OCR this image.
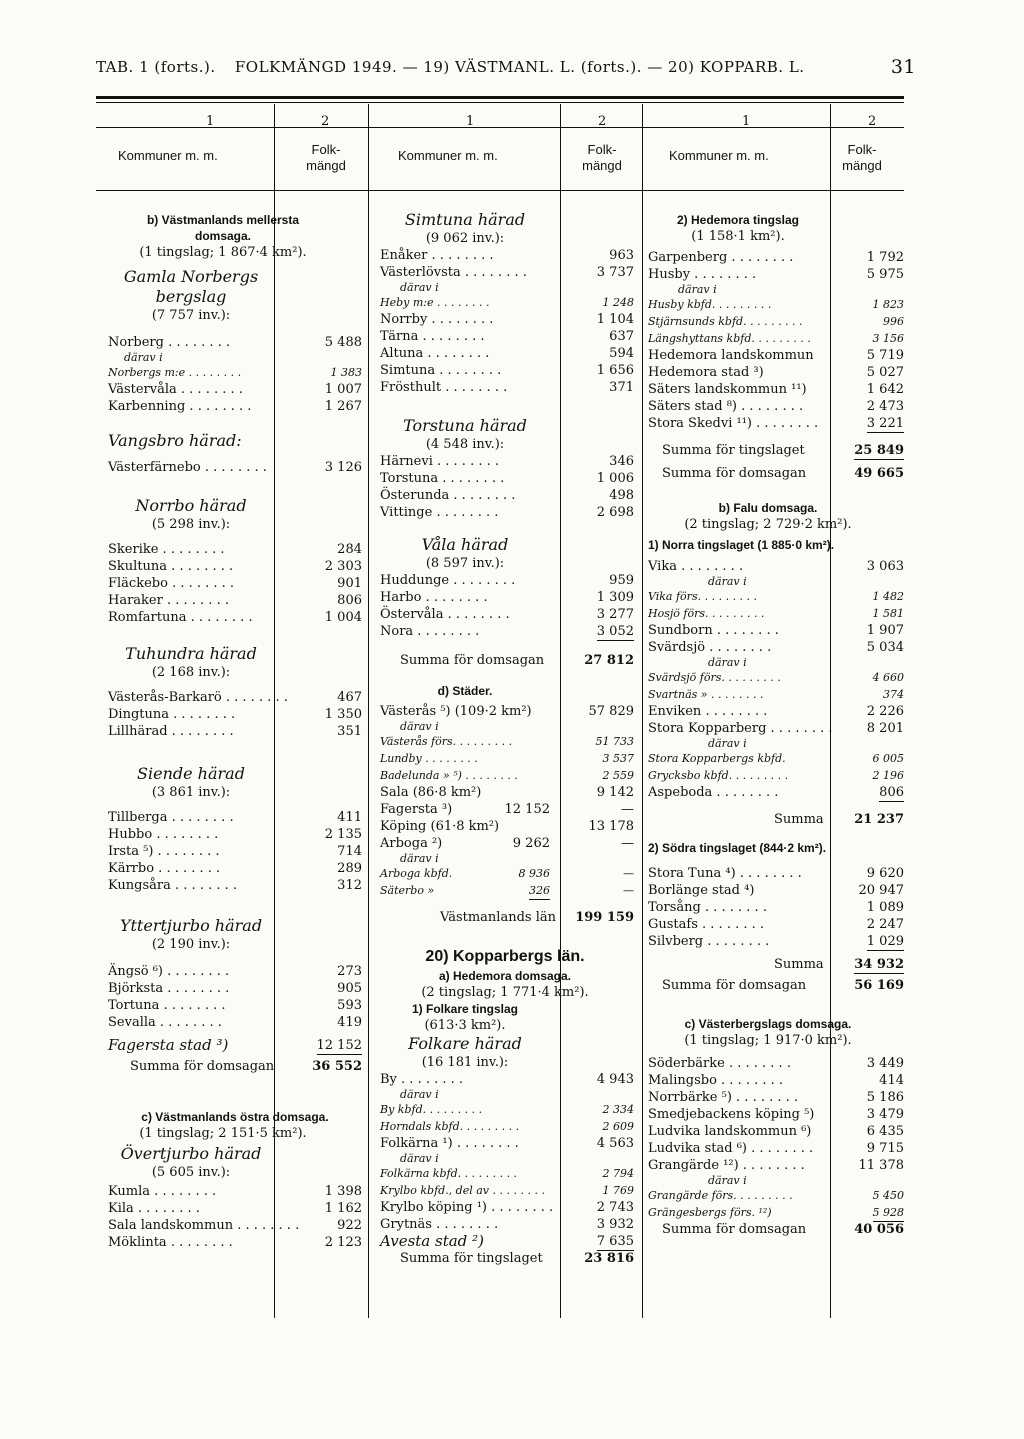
TAB. 1 (forts.). FOLKMÄNGD 1949. — 19) VÄSTMANL. L. (forts.). — 20) KOPPARB. L.	31
1	2	1	2	1	2
Kommuner m. m.	Folk-
mängd
Kommuner m. m.	Folk-
mängd
Kommuner m. m.	Folk-
mängd
b) Västmanlands mellersta
domsaga.
(1 tingslag; 1 867·4 km²).
Gamla Norbergs
bergslag
(7 757 inv.):
Norberg . . .	5 488
därav i
Norbergs m:e . . .	1 383
Västervåla . . .	1 007
Karbenning . . .	1 267
Vangsbro härad:
Västerfärnebo . . .	3 126
Norrbo härad
(5 298 inv.):
Skerike . . .	284
Skultuna . . .	2 303
Fläckebo . . .	901
Haraker . . .	806
Romfartuna . . .	1 004
Tuhundra härad
(2 168 inv.):
Västerås-Barkarö . . .	467
Dingtuna . . .	1 350
Lillhärad . . .	351
Siende härad
(3 861 inv.):
Tillberga . . .	411
Hubbo . . .	2 135
Irsta ⁵) . . .	714
Kärrbo . . .	289
Kungsåra . . .	312
Yttertjurbo härad
(2 190 inv.):
Ängsö ⁶) . . .	273
Björksta . . .	905
Tortuna . . .	593
Sevalla . . .	419
Fagersta stad ³)	12 152
Summa för domsagan	36 552
c) Västmanlands östra domsaga.
(1 tingslag; 2 151·5 km²).
Övertjurbo härad
(5 605 inv.):
Kumla . . .	1 398
Kila . . .	1 162
Sala landskommun . . .	922
Möklinta . . .	2 123
Simtuna härad
(9 062 inv.):
Enåker . . .	963
Västerlövsta . . .	3 737
därav i
Heby m:e . . .	1 248
Norrby . . .	1 104
Tärna . . .	637
Altuna . . .	594
Simtuna . . .	1 656
Frösthult . . .	371
Torstuna härad
(4 548 inv.):
Härnevi . . .	346
Torstuna . . .	1 006
Österunda . . .	498
Vittinge . . .	2 698
Våla härad
(8 597 inv.):
Huddunge . . .	959
Harbo . . .	1 309
Östervåla . . .	3 277
Nora . . .	3 052
Summa för domsagan	27 812
d) Städer.
Västerås ⁵) (109·2 km²)	57 829
därav i
Västerås förs. . . .	51 733
Lundby . . .	3 537
Badelunda » ⁵) . . .	2 559
Sala (86·8 km²)	9 142
Fagersta ³)	12 152	—
Köping (61·8 km²)	13 178
Arboga ²)	9 262	—
därav i
Arboga kbfd.	8 936	—
Säterbo »	326	—
Västmanlands län 199 159
20) Kopparbergs län.
a) Hedemora domsaga.
(2 tingslag; 1 771·4 km²).
1) Folkare tingslag
(613·3 km²).
Folkare härad
(16 181 inv.):
By . . .	4 943
därav i
By kbfd. . . .	2 334
Horndals kbfd. . . .	2 609
Folkärna ¹) . . .	4 563
därav i
Folkärna kbfd. . . .	2 794
Krylbo kbfd., del av . . .	1 769
Krylbo köping ¹) . . .	2 743
Grytnäs . . .	3 932
Avesta stad ²)	7 635
Summa för tingslaget	23 816
2) Hedemora tingslag
(1 158·1 km²).
Garpenberg . . .	1 792
Husby . . .	5 975
därav i
Husby kbfd. . . .	1 823
Stjärnsunds kbfd. . . .	996
Längshyttans kbfd. . . .	3 156
Hedemora landskommun	5 719
Hedemora stad ³)	5 027
Säters landskommun ¹¹)	1 642
Säters stad ⁸) . . .	2 473
Stora Skedvi ¹¹) . . .	3 221
Summa för tingslaget	25 849
Summa för domsagan	49 665
b) Falu domsaga.
(2 tingslag; 2 729·2 km²).
1) Norra tingslaget (1 885·0 km²).
Vika . . .	3 063
därav i
Vika förs. . . .	1 482
Hosjö förs. . . .	1 581
Sundborn . . .	1 907
Svärdsjö . . .	5 034
därav i
Svärdsjö förs. . . .	4 660
Svartnäs » . . .	374
Enviken . . .	2 226
Stora Kopparberg . . .	8 201
därav i
Stora Kopparbergs kbfd.	6 005
Grycksbo kbfd. . . .	2 196
Aspeboda . . .	806
Summa 21 237
2) Södra tingslaget (844·2 km²).
Stora Tuna ⁴) . . .	9 620
Borlänge stad ⁴)	20 947
Torsång . . .	1 089
Gustafs . . .	2 247
Silvberg . . .	1 029
Summa 34 932
Summa för domsagan	56 169
c) Västerbergslags domsaga.
(1 tingslag; 1 917·0 km²).
Söderbärke . . .	3 449
Malingsbo . . .	414
Norrbärke ⁵) . . .	5 186
Smedjebackens köping ⁵)	3 479
Ludvika landskommun ⁶)	6 435
Ludvika stad ⁶) . . .	9 715
Grangärde ¹²) . . .	11 378
därav i
Grangärde förs. . . .	5 450
Grängesbergs förs. ¹²)	5 928
Summa för domsagan	40 056
